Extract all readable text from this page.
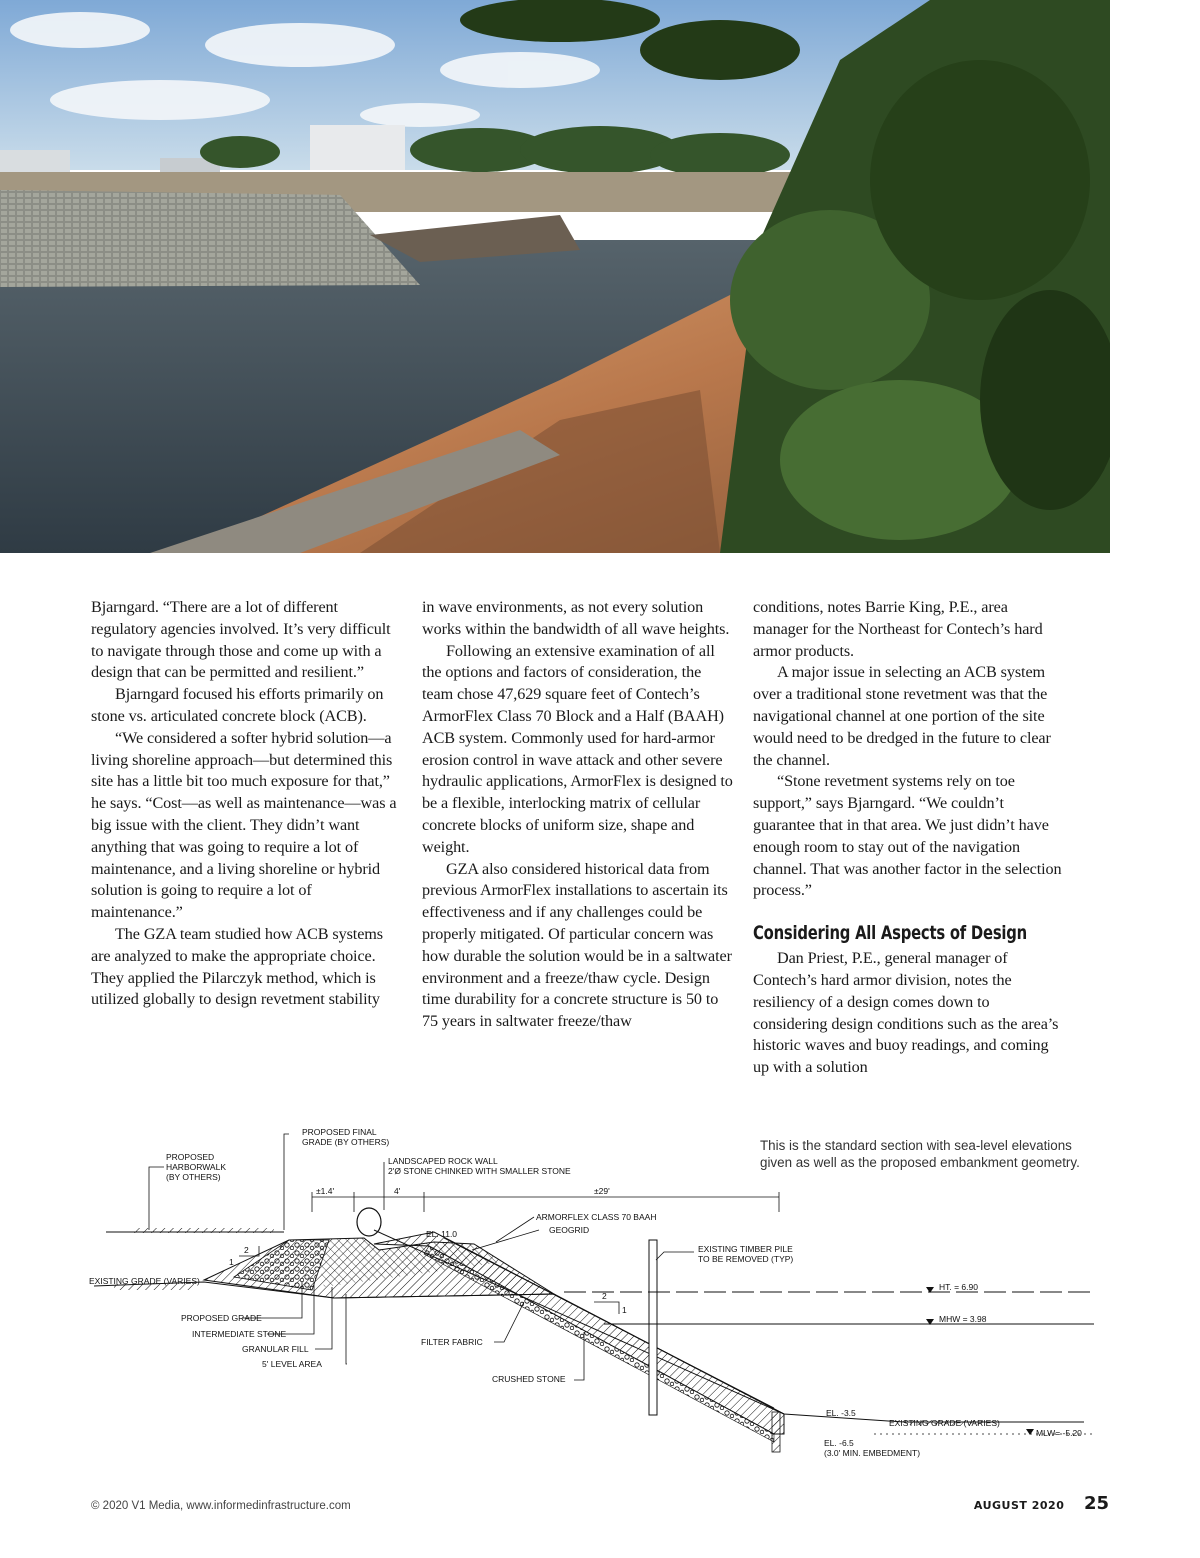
Bjarngard. “There are a lot of different regulatory agencies involved. It’s very difficult to navigate through those and come up with a design that can be permitted and resilient.”

Bjarngard focused his efforts primarily on stone vs. articulated concrete block (ACB).

“We considered a softer hybrid solution—a living shoreline approach—but determined this site has a little bit too much exposure for that,” he says. “Cost—as well as maintenance—was a big issue with the client. They didn’t want anything that was going to require a lot of maintenance, and a living shoreline or hybrid solution is going to require a lot of maintenance.”

The GZA team studied how ACB systems are analyzed to make the appropriate choice. They applied the Pilarczyk method, which is utilized globally to design revetment stability

in wave environments, as not every solution works within the bandwidth of all wave heights.

Following an extensive examination of all the options and factors of consideration, the team chose 47,629 square feet of Contech’s ArmorFlex Class 70 Block and a Half (BAAH) ACB system. Commonly used for hard-armor erosion control in wave attack and other severe hydraulic applications, ArmorFlex is designed to be a flexible, interlocking matrix of cellular concrete blocks of uniform size, shape and weight.

GZA also considered historical data from previous ArmorFlex installations to ascertain its effectiveness and if any challenges could be properly mitigated. Of particular concern was how durable the solution would be in a saltwater environment and a freeze/thaw cycle. Design time durability for a concrete structure is 50 to 75 years in saltwater freeze/thaw

conditions, notes Barrie King, P.E., area manager for the Northeast for Contech’s hard armor products.

A major issue in selecting an ACB system over a traditional stone revetment was that the navigational channel at one portion of the site would need to be dredged in the future to clear the channel.

“Stone revetment systems rely on toe support,” says Bjarngard. “We couldn’t guarantee that in that area. We just didn’t have enough room to stay out of the navigation channel. That was another factor in the selection process.”

Considering All Aspects of Design

Dan Priest, P.E., general manager of Contech’s hard armor division, notes the resiliency of a design comes down to considering design conditions such as the area’s historic waves and buoy readings, and coming up with a solution

This is the standard section with sea-level elevations given as well as the proposed embankment geometry.
PROPOSED FINAL
GRADE (BY OTHERS)
PROPOSED
HARBORWALK
(BY OTHERS)
LANDSCAPED ROCK WALL
2'Ø STONE CHINKED WITH SMALLER STONE
±1.4'	4'	±29'
ARMORFLEX CLASS 70 BAAH
GEOGRID
EL. 11.0
EXISTING TIMBER PILE
TO BE REMOVED (TYP)
EXISTING GRADE (VARIES)
HT. = 6.90
MHW = 3.98
PROPOSED GRADE
INTERMEDIATE STONE
GRANULAR FILL
5' LEVEL AREA
FILTER FABRIC
CRUSHED STONE
EL. -3.5
EXISTING GRADE (VARIES)
MLW= -5.20
EL. -6.5
(3.0' MIN. EMBEDMENT)
2
1
2
1
© 2020 V1 Media, www.informedinfrastructure.com	AUGUST 2020 25
